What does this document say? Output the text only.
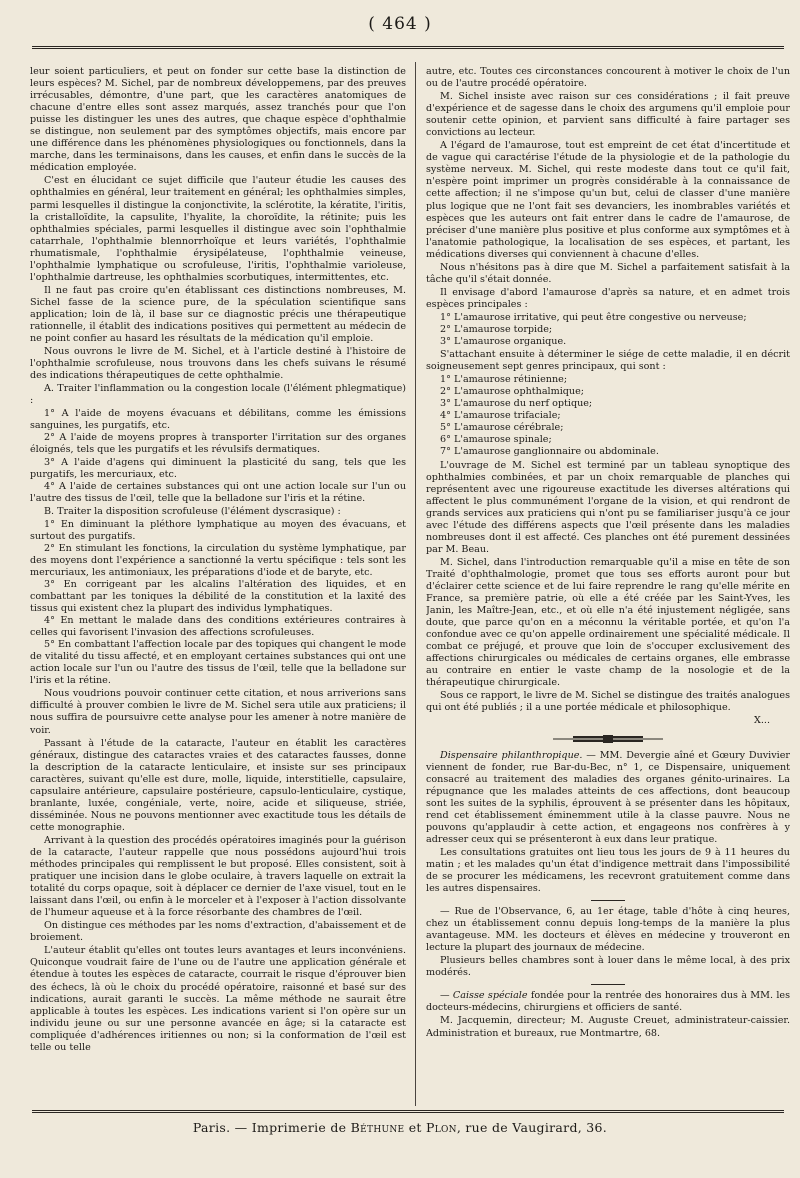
( 464 )

leur soient particuliers, et peut on fonder sur cette base la distinction de leurs espèces? M. Sichel, par de nombreux développemens, par des preuves irrécusables, démontre, d'une part, que les caractères anatomiques de chacune d'entre elles sont assez marqués, assez tranchés pour que l'on puisse les distinguer les unes des autres, que chaque espèce d'ophthalmie se distingue, non seulement par des symptômes objectifs, mais encore par une différence dans les phénomènes physiologiques ou fonctionnels, dans la marche, dans les terminaisons, dans les causes, et enfin dans le succès de la médication employée.

C'est en élucidant ce sujet difficile que l'auteur étudie les causes des ophthalmies en général, leur traitement en général; les ophthalmies simples, parmi lesquelles il distingue la conjonctivite, la sclérotite, la kératite, l'iritis, la cristalloïdite, la capsulite, l'hyalite, la choroïdite, la rétinite; puis les ophthalmies spéciales, parmi lesquelles il distingue avec soin l'ophthalmie catarrhale, l'ophthalmie blennorrhoïque et leurs variétés, l'ophthalmie rhumatismale, l'ophthalmie érysipélateuse, l'ophthalmie veineuse, l'ophthalmie lymphatique ou scrofuleuse, l'iritis, l'ophthalmie varioleuse, l'ophthalmie dartreuse, les ophthalmies scorbutiques, intermittentes, etc.

Il ne faut pas croire qu'en établissant ces distinctions nombreuses, M. Sichel fasse de la science pure, de la spéculation scientifique sans application; loin de là, il base sur ce diagnostic précis une thérapeutique rationnelle, il établit des indications positives qui permettent au médecin de ne point confier au hasard les résultats de la médication qu'il emploie.

Nous ouvrons le livre de M. Sichel, et à l'article destiné à l'histoire de l'ophthalmie scrofuleuse, nous trouvons dans les chefs suivans le résumé des indications thérapeutiques de cette ophthalmie.

A. Traiter l'inflammation ou la congestion locale (l'élément phlegmatique) :

1° A l'aide de moyens évacuans et débilitans, comme les émissions sanguines, les purgatifs, etc.
2° A l'aide de moyens propres à transporter l'irritation sur des organes éloignés, tels que les purgatifs et les révulsifs dermatiques.
3° A l'aide d'agens qui diminuent la plasticité du sang, tels que les purgatifs, les mercuriaux, etc.
4° A l'aide de certaines substances qui ont une action locale sur l'un ou l'autre des tissus de l'œil, telle que la belladone sur l'iris et la rétine.

B. Traiter la disposition scrofuleuse (l'élément dyscrasique) :

1° En diminuant la pléthore lymphatique au moyen des évacuans, et surtout des purgatifs.
2° En stimulant les fonctions, la circulation du système lymphatique, par des moyens dont l'expérience a sanctionné la vertu spécifique : tels sont les mercuriaux, les antimoniaux, les préparations d'iode et de baryte, etc.
3° En corrigeant par les alcalins l'altération des liquides, et en combattant par les toniques la débilité de la constitution et la laxité des tissus qui existent chez la plupart des individus lymphatiques.
4° En mettant le malade dans des conditions extérieures contraires à celles qui favorisent l'invasion des affections scrofuleuses.
5° En combattant l'affection locale par des topiques qui changent le mode de vitalité du tissu affecté, et en employant certaines substances qui ont une action locale sur l'un ou l'autre des tissus de l'œil, telle que la belladone sur l'iris et la rétine.

Nous voudrions pouvoir continuer cette citation, et nous arriverions sans difficulté à prouver combien le livre de M. Sichel sera utile aux praticiens; il nous suffira de poursuivre cette analyse pour les amener à notre manière de voir.

Passant à l'étude de la cataracte, l'auteur en établit les caractères généraux, distingue des cataractes vraies et des cataractes fausses, donne la description de la cataracte lenticulaire, et insiste sur ses principaux caractères, suivant qu'elle est dure, molle, liquide, interstitielle, capsulaire, capsulaire antérieure, capsulaire postérieure, capsulo-lenticulaire, cystique, branlante, luxée, congéniale, verte, noire, acide et siliqueuse, striée, disséminée. Nous ne pouvons mentionner avec exactitude tous les détails de cette monographie.

Arrivant à la question des procédés opératoires imaginés pour la guérison de la cataracte, l'auteur rappelle que nous possédons aujourd'hui trois méthodes principales qui remplissent le but proposé. Elles consistent, soit à pratiquer une incision dans le globe oculaire, à travers laquelle on extrait la totalité du corps opaque, soit à déplacer ce dernier de l'axe visuel, tout en le laissant dans l'œil, ou enfin à le morceler et à l'exposer à l'action dissolvante de l'humeur aqueuse et à la force résorbante des chambres de l'œil.

On distingue ces méthodes par les noms d'extraction, d'abaissement et de broiement.

L'auteur établit qu'elles ont toutes leurs avantages et leurs inconvéniens. Quiconque voudrait faire de l'une ou de l'autre une application générale et étendue à toutes les espèces de cataracte, courrait le risque d'éprouver bien des échecs, là où le choix du procédé opératoire, raisonné et basé sur des indications, aurait garanti le succès. La même méthode ne saurait être applicable à toutes les espèces. Les indications varient si l'on opère sur un individu jeune ou sur une personne avancée en âge; si la cataracte est compliquée d'adhérences iritiennes ou non; si la conformation de l'œil est telle ou telle

autre, etc. Toutes ces circonstances concourent à motiver le choix de l'un ou de l'autre procédé opératoire.

M. Sichel insiste avec raison sur ces considérations ; il fait preuve d'expérience et de sagesse dans le choix des argumens qu'il emploie pour soutenir cette opinion, et parvient sans difficulté à faire partager ses convictions au lecteur.

A l'égard de l'amaurose, tout est empreint de cet état d'incertitude et de vague qui caractérise l'étude de la physiologie et de la pathologie du système nerveux. M. Sichel, qui reste modeste dans tout ce qu'il fait, n'espère point imprimer un progrès considérable à la connaissance de cette affection; il ne s'impose qu'un but, celui de classer d'une manière plus logique que ne l'ont fait ses devanciers, les inombrables variétés et espèces que les auteurs ont fait entrer dans le cadre de l'amaurose, de préciser d'une manière plus positive et plus conforme aux symptômes et à l'anatomie pathologique, la localisation de ses espèces, et partant, les médications diverses qui conviennent à chacune d'elles.

Nous n'hésitons pas à dire que M. Sichel a parfaitement satisfait à la tâche qu'il s'était donnée.

Il envisage d'abord l'amaurose d'après sa nature, et en admet trois espèces principales :

1° L'amaurose irritative, qui peut être congestive ou nerveuse;
2° L'amaurose torpide;
3° L'amaurose organique.

S'attachant ensuite à déterminer le siége de cette maladie, il en décrit soigneusement sept genres principaux, qui sont :

1° L'amaurose rétinienne;
2° L'amaurose ophthalmique;
3° L'amaurose du nerf optique;
4° L'amaurose trifaciale;
5° L'amaurose cérébrale;
6° L'amaurose spinale;
7° L'amaurose ganglionnaire ou abdominale.

L'ouvrage de M. Sichel est terminé par un tableau synoptique des ophthalmies combinées, et par un choix remarquable de planches qui représentent avec une rigoureuse exactitude les diverses altérations qui affectent le plus communément l'organe de la vision, et qui rendront de grands services aux praticiens qui n'ont pu se familiariser jusqu'à ce jour avec l'étude des différens aspects que l'œil présente dans les maladies nombreuses dont il est affecté. Ces planches ont été purement dessinées par M. Beau.

M. Sichel, dans l'introduction remarquable qu'il a mise en tête de son Traité d'ophthalmologie, promet que tous ses efforts auront pour but d'éclairer cette science et de lui faire reprendre le rang qu'elle mérite en France, sa première patrie, où elle a été créée par les Saint-Yves, les Janin, les Maître-Jean, etc., et où elle n'a été injustement négligée, sans doute, que parce qu'on en a méconnu la véritable portée, et qu'on l'a confondue avec ce qu'on appelle ordinairement une spécialité médicale. Il combat ce préjugé, et prouve que loin de s'occuper exclusivement des affections chirurgicales ou médicales de certains organes, elle embrasse au contraire en entier le vaste champ de la nosologie et de la thérapeutique chirurgicale.

Sous ce rapport, le livre de M. Sichel se distingue des traités analogues qui ont été publiés ; il a une portée médicale et philosophique.

X...

Dispensaire philanthropique. — MM. Devergie aîné et Gœury Duvivier viennent de fonder, rue Bar-du-Bec, n° 1, ce Dispensaire, uniquement consacré au traitement des maladies des organes génito-urinaires. La répugnance que les malades atteints de ces affections, dont beaucoup sont les suites de la syphilis, éprouvent à se présenter dans les hôpitaux, rend cet établissement éminemment utile à la classe pauvre. Nous ne pouvons qu'applaudir à cette action, et engageons nos confrères à y adresser ceux qui se présenteront à eux dans leur pratique.

Les consultations gratuites ont lieu tous les jours de 9 à 11 heures du matin ; et les malades qu'un état d'indigence mettrait dans l'impossibilité de se procurer les médicamens, les recevront gratuitement comme dans les autres dispensaires.

— Rue de l'Observance, 6, au 1er étage, table d'hôte à cinq heures, chez un établissement connu depuis long-temps de la manière la plus avantageuse. MM. les docteurs et élèves en médecine y trouveront en lecture la plupart des journaux de médecine.

Plusieurs belles chambres sont à louer dans le même local, à des prix modérés.

— Caisse spéciale fondée pour la rentrée des honoraires dus à MM. les docteurs-médecins, chirurgiens et officiers de santé.

M. Jacquemin, directeur; M. Auguste Creuet, administrateur-caissier. Administration et bureaux, rue Montmartre, 68.

Paris. — Imprimerie de Béthune et Plon, rue de Vaugirard, 36.
